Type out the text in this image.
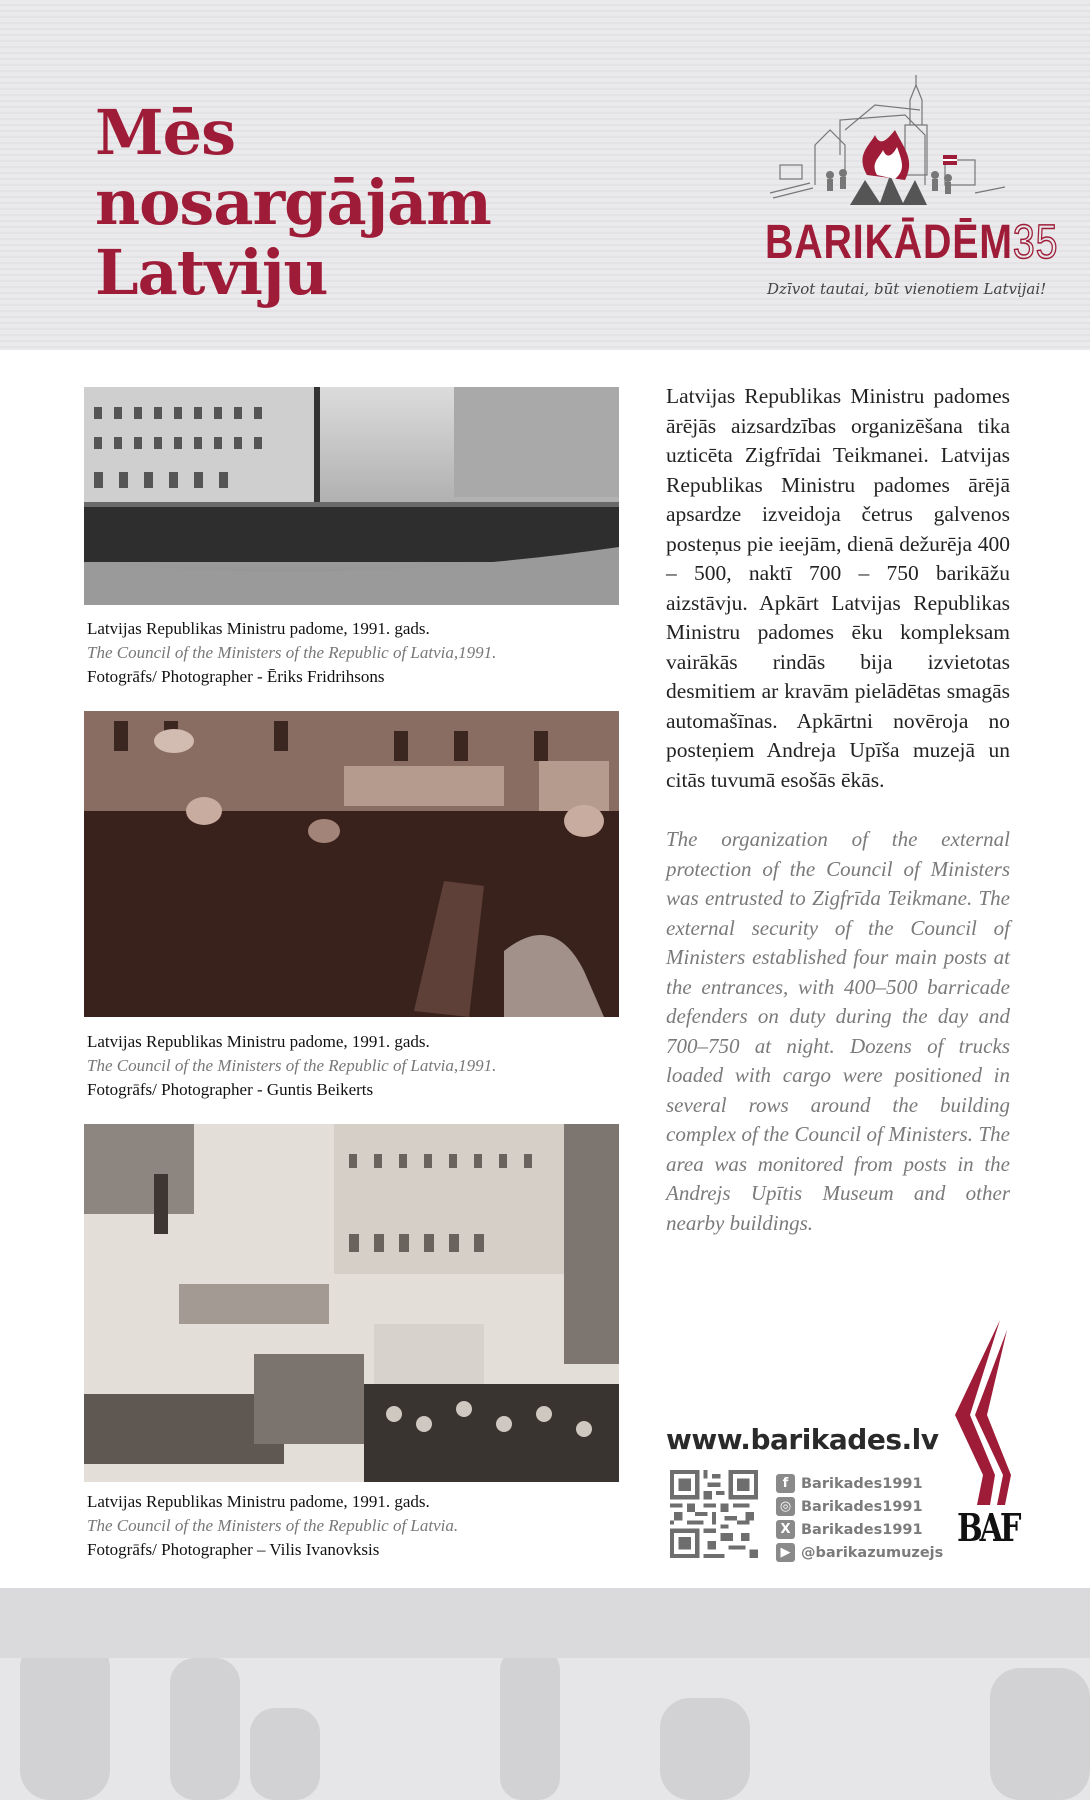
Mēs
nosargājām
Latviju	BARIKĀDĒM35
Dzīvot tautai, būt vienotiem Latvijai!
Latvijas Republikas Ministru padome, 1991. gads.
The Council of the Ministers of the Republic of Latvia,1991.
Fotogrāfs/ Photographer - Ēriks Fridrihsons
Latvijas Republikas Ministru padome, 1991. gads.
The Council of the Ministers of the Republic of Latvia,1991.
Fotogrāfs/ Photographer - Guntis Beikerts
Latvijas Republikas Ministru padome, 1991. gads.
The Council of the Ministers of the Republic of Latvia.
Fotogrāfs/ Photographer – Vilis Ivanovksis

Latvijas Republikas Ministru padomes ārējās aizsardzības organizēšana tika uzticēta Zigfrīdai Teikmanei. Latvijas Republikas Ministru padomes ārējā apsardze izveidoja četrus galvenos posteņus pie ieejām, dienā dežurēja 400 – 500, naktī 700 – 750 barikāžu aizstāvju. Apkārt Latvijas Republikas Ministru padomes ēku kompleksam vairākās rindās bija izvietotas desmitiem ar kravām pielādētas smagās automašīnas. Apkārtni novēroja no posteņiem Andreja Upīša muzejā un citās tuvumā esošās ēkās.

The organization of the external protection of the Council of Ministers was entrusted to Zigfrīda Teikmane. The external security of the Council of Ministers established four main posts at the entrances, with 400–500 barricade defenders on duty during the day and 700–750 at night. Dozens of trucks loaded with cargo were positioned in several rows around the building complex of the Council of Ministers. The area was monitored from posts in the Andrejs Upītis Museum and other nearby buildings.

www.barikades.lv
f Barikades1991
◎ Barikades1991
X Barikades1991
▶ @barikazumuzejs
BAF
